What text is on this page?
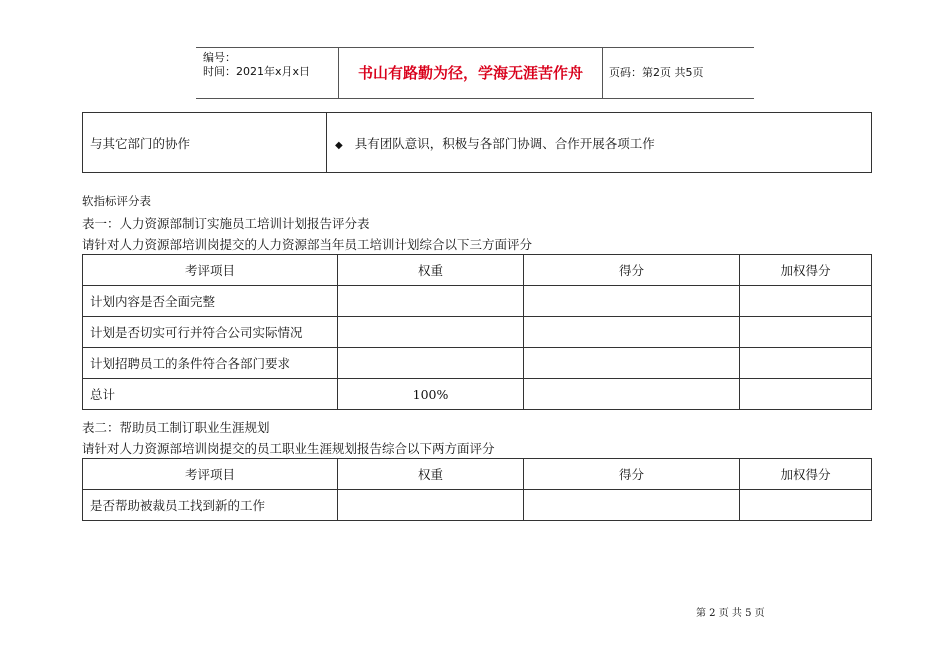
编号：
时间：2021年x月x日	书山有路勤为径，学海无涯苦作舟	页码：第2页 共5页
与其它部门的协作	◆ 具有团队意识，积极与各部门协调、合作开展各项工作
软指标评分表
表一：人力资源部制订实施员工培训计划报告评分表
请针对人力资源部培训岗提交的人力资源部当年员工培训计划综合以下三方面评分
考评项目	权重	得分	加权得分
计划内容是否全面完整			
计划是否切实可行并符合公司实际情况			
计划招聘员工的条件符合各部门要求			
总计	100%		
表二：帮助员工制订职业生涯规划
请针对人力资源部培训岗提交的员工职业生涯规划报告综合以下两方面评分
考评项目	权重	得分	加权得分
是否帮助被裁员工找到新的工作			
第 2 页 共 5 页
